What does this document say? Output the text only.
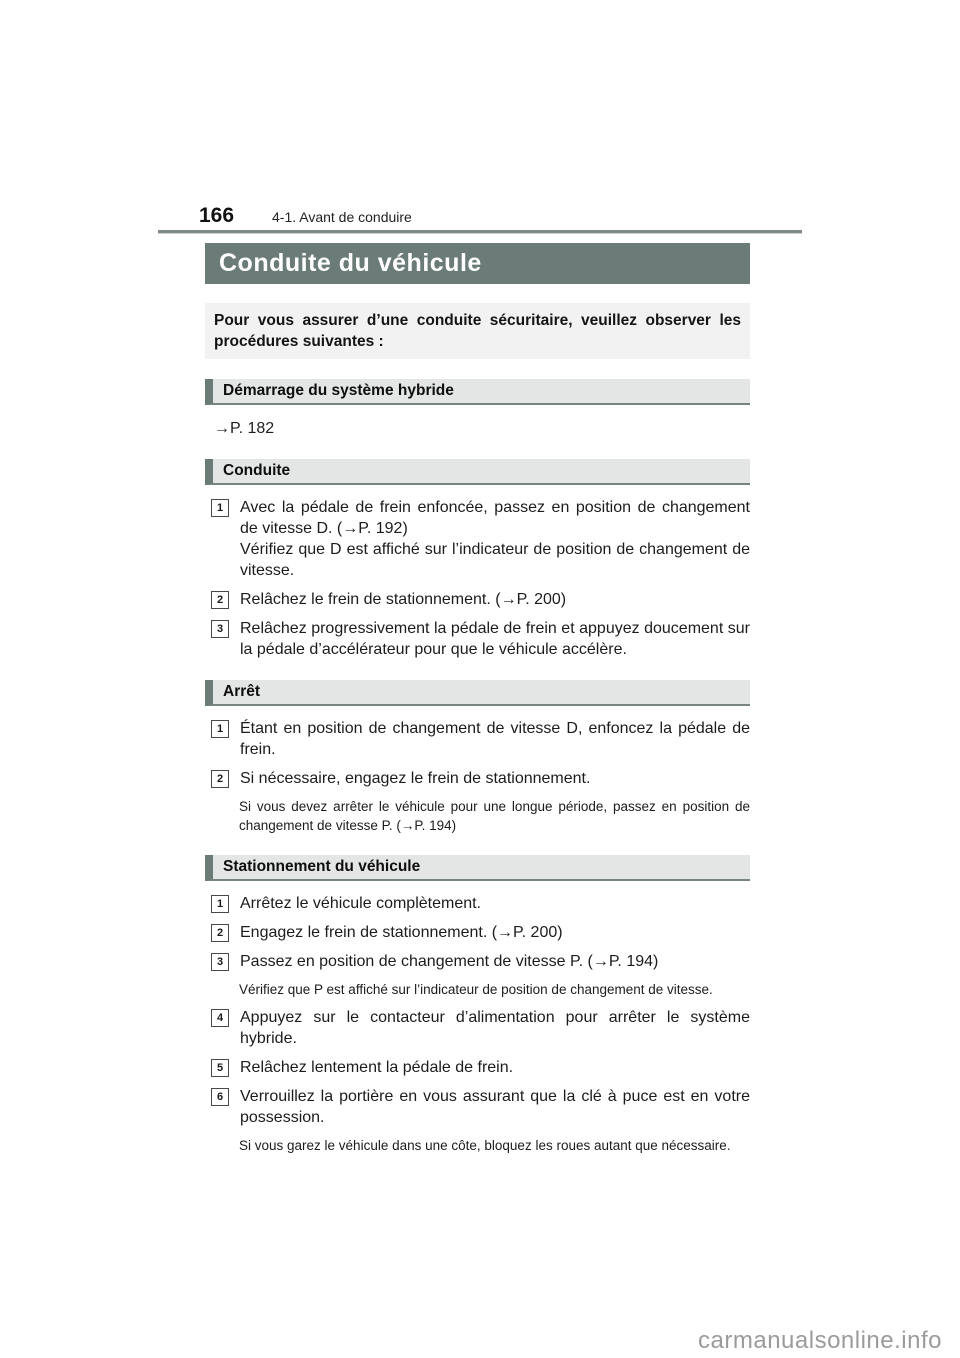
166	4-1. Avant de conduire
Conduite du véhicule

Pour vous assurer d’une conduite sécuritaire, veuillez observer les procédures suivantes :

Démarrage du système hybride

→P. 182

Conduite
1	Avec la pédale de frein enfoncée, passez en position de changement de vitesse D. (→P. 192)

Vérifiez que D est affiché sur l’indicateur de position de changement de vitesse.

2	Relâchez le frein de stationnement. (→P. 200)

3	Relâchez progressivement la pédale de frein et appuyez doucement sur la pédale d’accélérateur pour que le véhicule accélère.

Arrêt
1	Étant en position de changement de vitesse D, enfoncez la pédale de frein.

2	Si nécessaire, engagez le frein de stationnement.

Si vous devez arrêter le véhicule pour une longue période, passez en position de changement de vitesse P. (→P. 194)

Stationnement du véhicule
1	Arrêtez le véhicule complètement.

2	Engagez le frein de stationnement. (→P. 200)

3	Passez en position de changement de vitesse P. (→P. 194)

Vérifiez que P est affiché sur l’indicateur de position de changement de vitesse.

4	Appuyez sur le contacteur d’alimentation pour arrêter le système hybride.

5	Relâchez lentement la pédale de frein.

6	Verrouillez la portière en vous assurant que la clé à puce est en votre possession.

Si vous garez le véhicule dans une côte, bloquez les roues autant que nécessaire.

carmanualsonline.info
